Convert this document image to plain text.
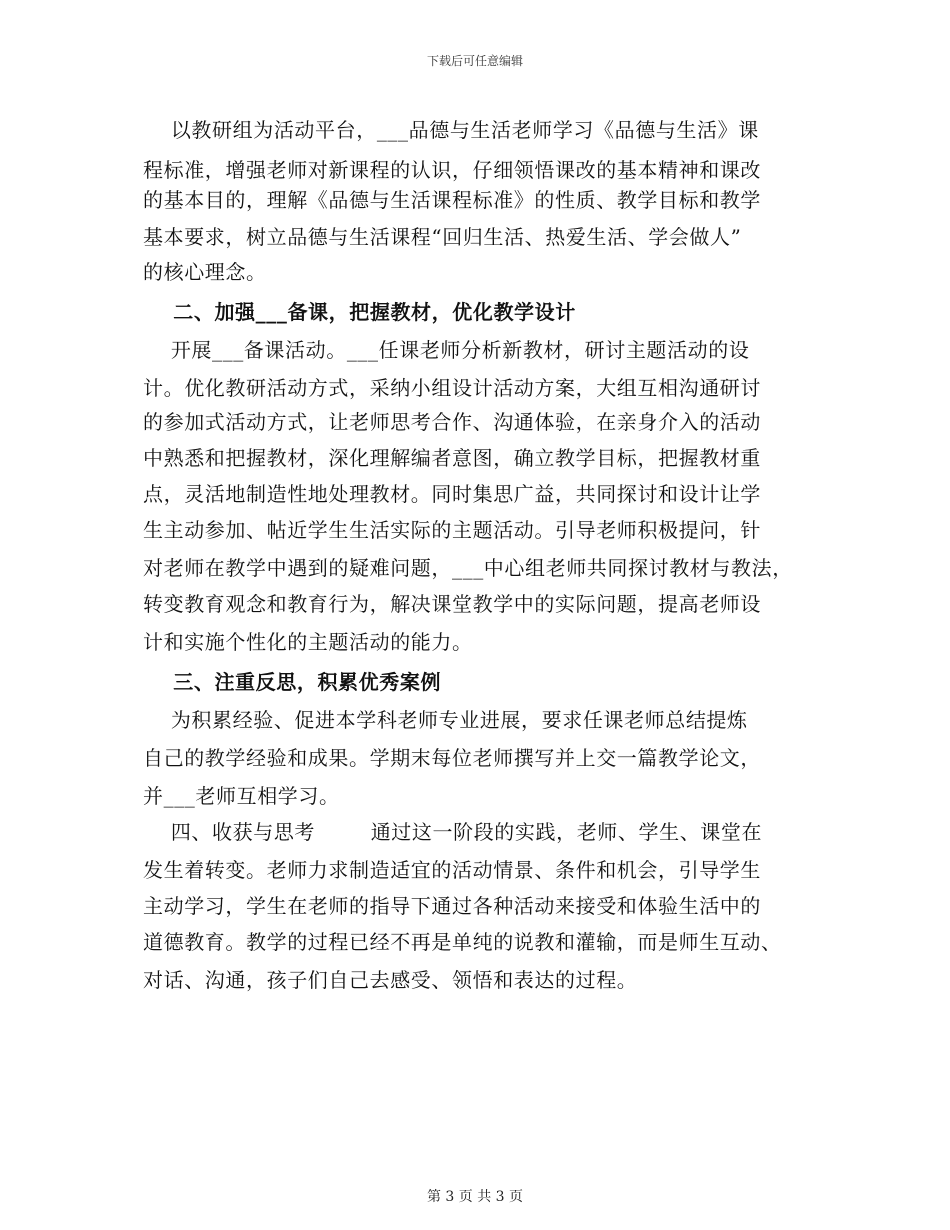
下载后可任意编辑
以教研组为活动平台，___品德与生活老师学习《品德与生活》课
程标准，增强老师对新课程的认识，仔细领悟课改的基本精神和课改
的基本目的，理解《品德与生活课程标准》的性质、教学目标和教学
基本要求，树立品德与生活课程“回归生活、热爱生活、学会做人”
的核心理念。
二、加强___备课，把握教材，优化教学设计
开展___备课活动。___任课老师分析新教材，研讨主题活动的设
计。优化教研活动方式，采纳小组设计活动方案，大组互相沟通研讨
的参加式活动方式，让老师思考合作、沟通体验，在亲身介入的活动
中熟悉和把握教材，深化理解编者意图，确立教学目标，把握教材重
点，灵活地制造性地处理教材。同时集思广益，共同探讨和设计让学
生主动参加、帖近学生生活实际的主题活动。引导老师积极提问，针
对老师在教学中遇到的疑难问题，___中心组老师共同探讨教材与教法，
转变教育观念和教育行为，解决课堂教学中的实际问题，提高老师设
计和实施个性化的主题活动的能力。
三、注重反思，积累优秀案例
为积累经验、促进本学科老师专业进展，要求任课老师总结提炼
自己的教学经验和成果。学期末每位老师撰写并上交一篇教学论文，
并___老师互相学习。
四、收获与思考        通过这一阶段的实践，老师、学生、课堂在
发生着转变。老师力求制造适宜的活动情景、条件和机会，引导学生
主动学习，学生在老师的指导下通过各种活动来接受和体验生活中的
道德教育。教学的过程已经不再是单纯的说教和灌输，而是师生互动、
对话、沟通，孩子们自己去感受、领悟和表达的过程。
第 3 页 共 3 页
